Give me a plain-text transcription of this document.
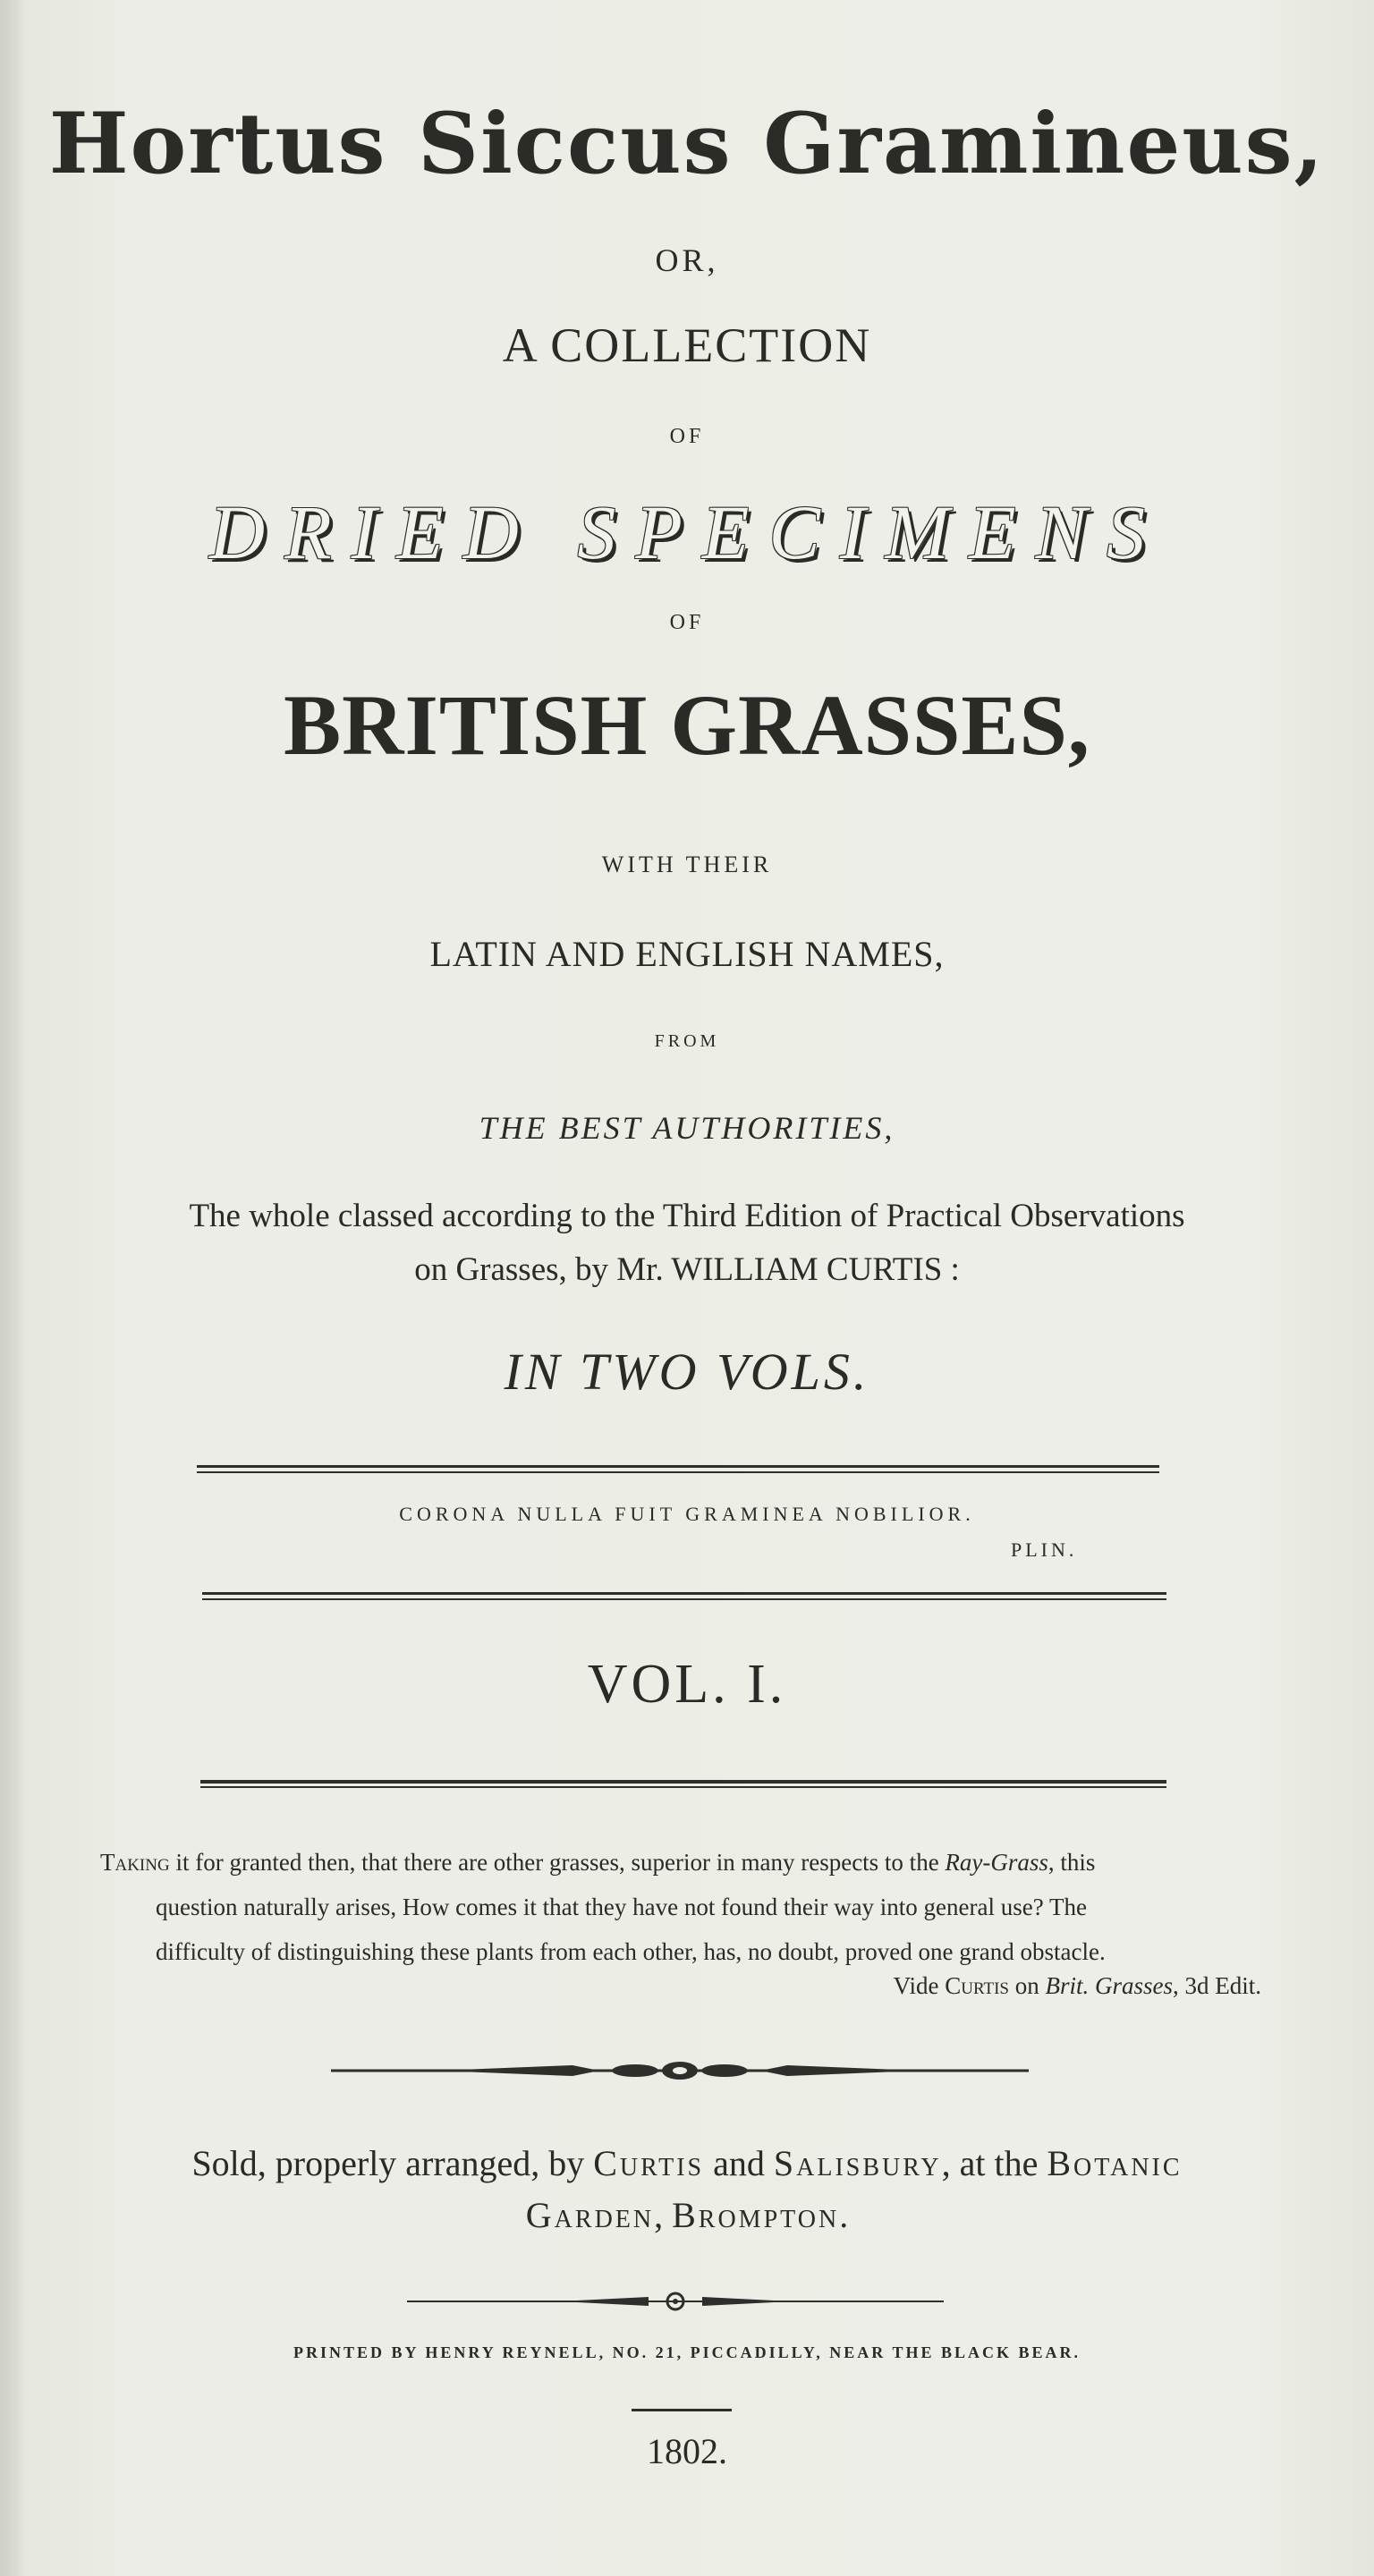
Hortus Siccus Gramineus,

OR,

A COLLECTION

OF

DRIED SPECIMENS

OF

BRITISH GRASSES,

WITH THEIR

LATIN AND ENGLISH NAMES,

FROM

THE BEST AUTHORITIES,

The whole classed according to the Third Edition of Practical Observations

on Grasses, by Mr. WILLIAM CURTIS :

IN TWO VOLS.

CORONA NULLA FUIT GRAMINEA NOBILIOR.

PLIN.

VOL. I.

Taking it for granted then, that there are other grasses, superior in many respects to the Ray-Grass, this
question naturally arises, How comes it that they have not found their way into general use? The
difficulty of distinguishing these plants from each other, has, no doubt, proved one grand obstacle.

Vide Curtis on Brit. Grasses, 3d Edit.

Sold, properly arranged, by Curtis and Salisbury, at the Botanic

Garden, Brompton.

PRINTED BY HENRY REYNELL, NO. 21, PICCADILLY, NEAR THE BLACK BEAR.

1802.
